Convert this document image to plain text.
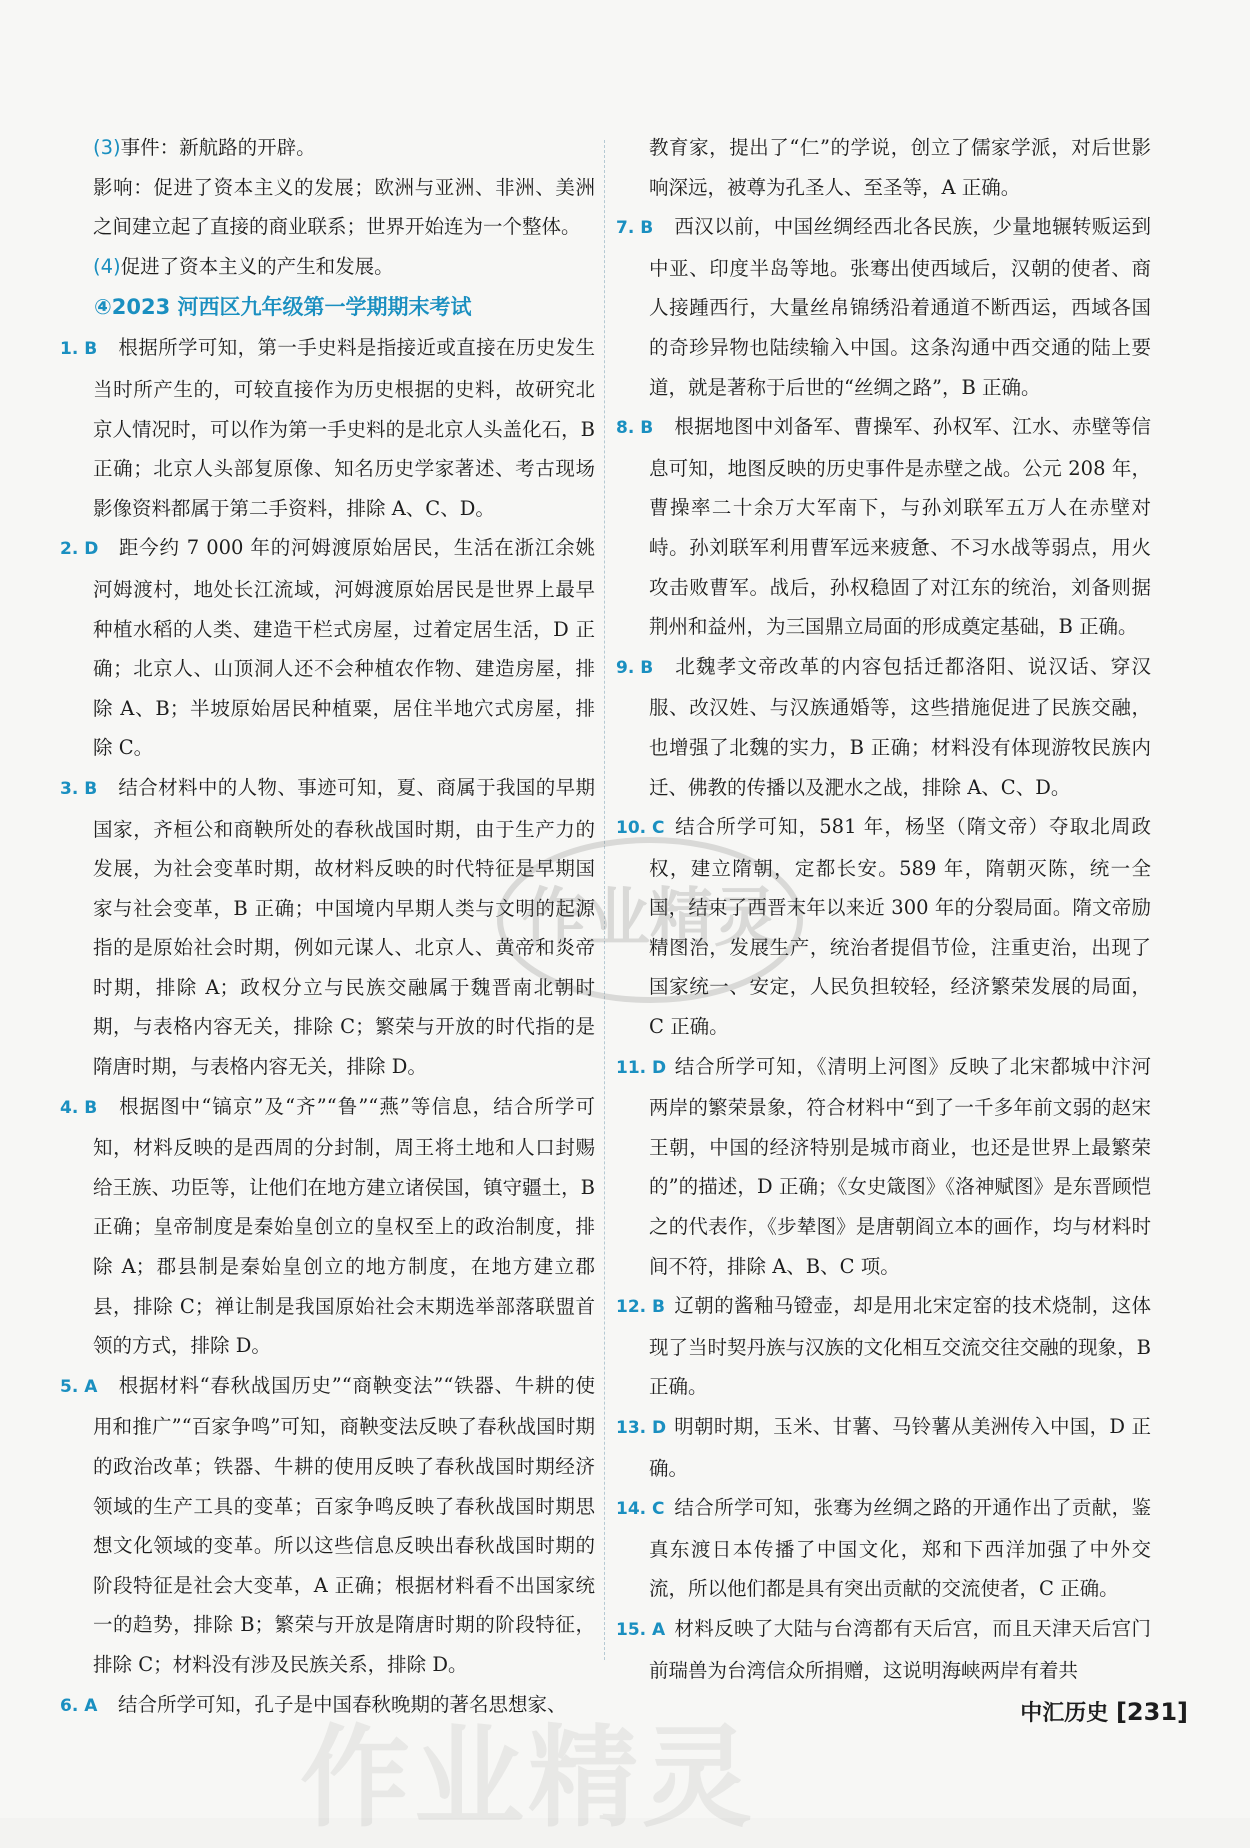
(3)事件：新航路的开辟。

影响：促进了资本主义的发展；欧洲与亚洲、非洲、美洲之间建立起了直接的商业联系；世界开始连为一个整体。

(4)促进了资本主义的产生和发展。

④2023 河西区九年级第一学期期末考试

1. B 根据所学可知，第一手史料是指接近或直接在历史发生当时所产生的，可较直接作为历史根据的史料，故研究北京人情况时，可以作为第一手史料的是北京人头盖化石，B 正确；北京人头部复原像、知名历史学家著述、考古现场影像资料都属于第二手资料，排除 A、C、D。

2. D 距今约 7 000 年的河姆渡原始居民，生活在浙江余姚河姆渡村，地处长江流域，河姆渡原始居民是世界上最早种植水稻的人类、建造干栏式房屋，过着定居生活，D 正确；北京人、山顶洞人还不会种植农作物、建造房屋，排除 A、B；半坡原始居民种植粟，居住半地穴式房屋，排除 C。

3. B 结合材料中的人物、事迹可知，夏、商属于我国的早期国家，齐桓公和商鞅所处的春秋战国时期，由于生产力的发展，为社会变革时期，故材料反映的时代特征是早期国家与社会变革，B 正确；中国境内早期人类与文明的起源指的是原始社会时期，例如元谋人、北京人、黄帝和炎帝时期，排除 A；政权分立与民族交融属于魏晋南北朝时期，与表格内容无关，排除 C；繁荣与开放的时代指的是隋唐时期，与表格内容无关，排除 D。

4. B 根据图中“镐京”及“齐”“鲁”“燕”等信息，结合所学可知，材料反映的是西周的分封制，周王将土地和人口封赐给王族、功臣等，让他们在地方建立诸侯国，镇守疆土，B 正确；皇帝制度是秦始皇创立的皇权至上的政治制度，排除 A；郡县制是秦始皇创立的地方制度，在地方建立郡县，排除 C；禅让制是我国原始社会末期选举部落联盟首领的方式，排除 D。

5. A 根据材料“春秋战国历史”“商鞅变法”“铁器、牛耕的使用和推广”“百家争鸣”可知，商鞅变法反映了春秋战国时期的政治改革；铁器、牛耕的使用反映了春秋战国时期经济领域的生产工具的变革；百家争鸣反映了春秋战国时期思想文化领域的变革。所以这些信息反映出春秋战国时期的阶段特征是社会大变革，A 正确；根据材料看不出国家统一的趋势，排除 B；繁荣与开放是隋唐时期的阶段特征，排除 C；材料没有涉及民族关系，排除 D。

6. A 结合所学可知，孔子是中国春秋晚期的著名思想家、

教育家，提出了“仁”的学说，创立了儒家学派，对后世影响深远，被尊为孔圣人、至圣等，A 正确。

7. B 西汉以前，中国丝绸经西北各民族，少量地辗转贩运到中亚、印度半岛等地。张骞出使西域后，汉朝的使者、商人接踵西行，大量丝帛锦绣沿着通道不断西运，西域各国的奇珍异物也陆续输入中国。这条沟通中西交通的陆上要道，就是著称于后世的“丝绸之路”，B 正确。

8. B 根据地图中刘备军、曹操军、孙权军、江水、赤壁等信息可知，地图反映的历史事件是赤壁之战。公元 208 年，曹操率二十余万大军南下，与孙刘联军五万人在赤壁对峙。孙刘联军利用曹军远来疲惫、不习水战等弱点，用火攻击败曹军。战后，孙权稳固了对江东的统治，刘备则据荆州和益州，为三国鼎立局面的形成奠定基础，B 正确。

9. B 北魏孝文帝改革的内容包括迁都洛阳、说汉话、穿汉服、改汉姓、与汉族通婚等，这些措施促进了民族交融，也增强了北魏的实力，B 正确；材料没有体现游牧民族内迁、佛教的传播以及淝水之战，排除 A、C、D。

10. C 结合所学可知，581 年，杨坚（隋文帝）夺取北周政权，建立隋朝，定都长安。589 年，隋朝灭陈，统一全国，结束了西晋末年以来近 300 年的分裂局面。隋文帝励精图治，发展生产，统治者提倡节俭，注重吏治，出现了国家统一、安定，人民负担较轻，经济繁荣发展的局面，C 正确。

11. D 结合所学可知，《清明上河图》反映了北宋都城中汴河两岸的繁荣景象，符合材料中“到了一千多年前文弱的赵宋王朝，中国的经济特别是城市商业，也还是世界上最繁荣的”的描述，D 正确；《女史箴图》《洛神赋图》是东晋顾恺之的代表作，《步辇图》是唐朝阎立本的画作，均与材料时间不符，排除 A、B、C 项。

12. B 辽朝的酱釉马镫壶，却是用北宋定窑的技术烧制，这体现了当时契丹族与汉族的文化相互交流交往交融的现象，B 正确。

13. D 明朝时期，玉米、甘薯、马铃薯从美洲传入中国，D 正确。

14. C 结合所学可知，张骞为丝绸之路的开通作出了贡献，鉴真东渡日本传播了中国文化，郑和下西洋加强了中外交流，所以他们都是具有突出贡献的交流使者，C 正确。

15. A 材料反映了大陆与台湾都有天后宫，而且天津天后宫门前瑞兽为台湾信众所捐赠，这说明海峡两岸有着共

作业精灵
作业精灵
中汇历史 [231]
